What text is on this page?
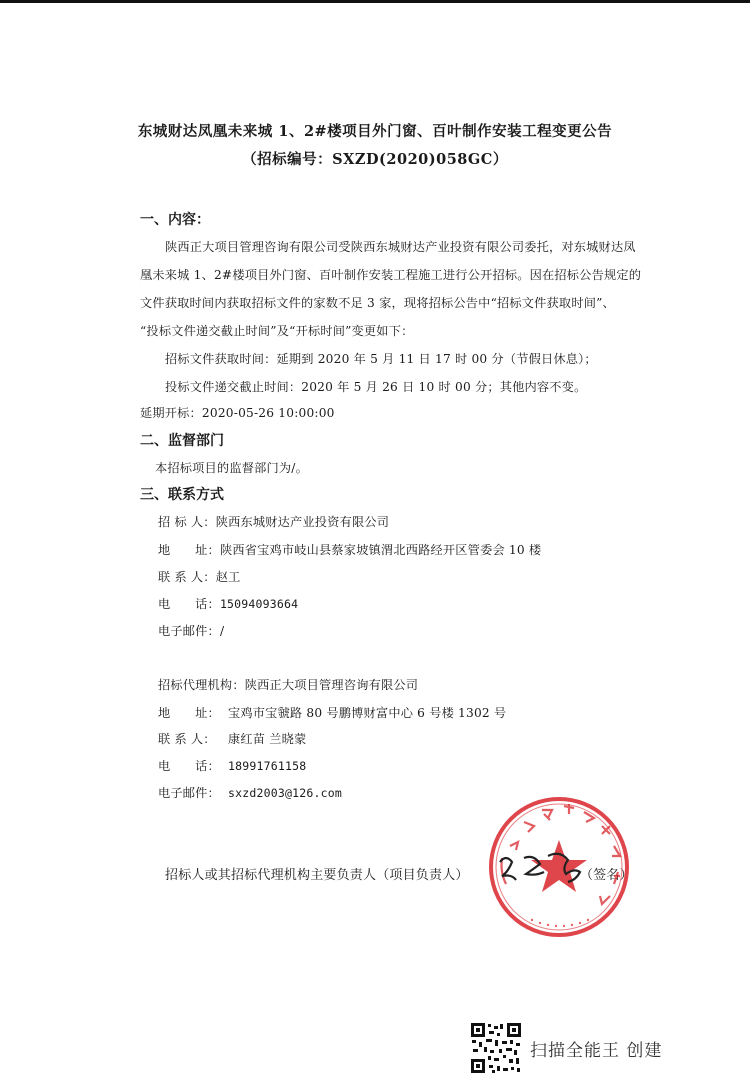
东城财达凤凰未来城 1、2#楼项目外门窗、百叶制作安装工程变更公告
（招标编号：SXZD(2020)058GC）
一、内容：
陕西正大项目管理咨询有限公司受陕西东城财达产业投资有限公司委托，对东城财达凤
凰未来城 1、2#楼项目外门窗、百叶制作安装工程施工进行公开招标。因在招标公告规定的
文件获取时间内获取招标文件的家数不足 3 家，现将招标公告中“招标文件获取时间”、
“投标文件递交截止时间”及“开标时间”变更如下：
招标文件获取时间：延期到 2020 年 5 月 11 日 17 时 00 分（节假日休息）；
投标文件递交截止时间：2020 年 5 月 26 日 10 时 00 分；其他内容不变。
延期开标：2020-05-26 10:00:00
二、监督部门
本招标项目的监督部门为/。
三、联系方式
招 标 人：陕西东城财达产业投资有限公司
地　　址：陕西省宝鸡市岐山县蔡家坡镇渭北西路经开区管委会 10 楼
联 系 人：赵工
电　　话：15094093664
电子邮件：/
招标代理机构：陕西正大项目管理咨询有限公司
地　　址： 宝鸡市宝虢路 80 号鹏博财富中心 6 号楼 1302 号
联 系 人： 康红苗 兰晓蒙
电　　话： 18991761158
电子邮件： sxzd2003@126.com
招标人或其招标代理机构主要负责人（项目负责人）	（签名）
扫描全能王 创建
